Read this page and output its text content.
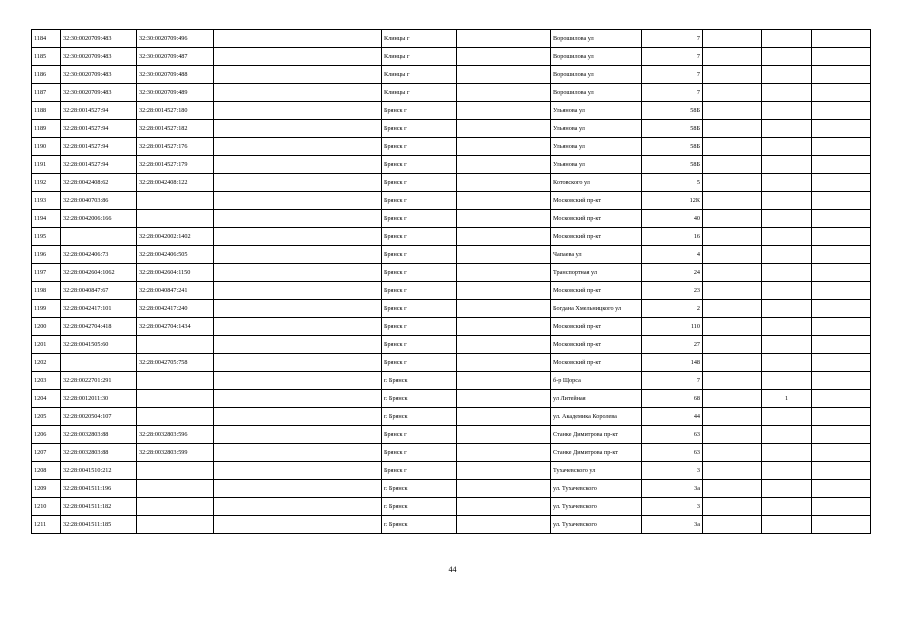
1184	32:30:0020709:483	32:30:0020709:496		Клинцы г		Ворошилова ул	7			
1185	32:30:0020709:483	32:30:0020709:487		Клинцы г		Ворошилова ул	7			
1186	32:30:0020709:483	32:30:0020709:488		Клинцы г		Ворошилова ул	7			
1187	32:30:0020709:483	32:30:0020709:489		Клинцы г		Ворошилова ул	7			
1188	32:28:0014527:94	32:28:0014527:180		Брянск г		Ульянова ул	58Б			
1189	32:28:0014527:94	32:28:0014527:182		Брянск г		Ульянова ул	58Б			
1190	32:28:0014527:94	32:28:0014527:176		Брянск г		Ульянова ул	58Б			
1191	32:28:0014527:94	32:28:0014527:179		Брянск г		Ульянова ул	58Б			
1192	32:28:0042408:62	32:28:0042408:122		Брянск г		Котовского ул	5			
1193	32:28:0040703:86			Брянск г		Московский пр-кт	12К			
1194	32:28:0042006:166			Брянск г		Московский пр-кт	40			
1195		32:28:0042002:1402		Брянск г		Московский пр-кт	16			
1196	32:28:0042406:73	32:28:0042406:505		Брянск г		Чапаева ул	4			
1197	32:28:0042604:1062	32:28:0042604:1150		Брянск г		Транспортная ул	24			
1198	32:28:0040847:67	32:28:0040847:241		Брянск г		Московский пр-кт	23			
1199	32:28:0042417:101	32:28:0042417:240		Брянск г		Богдана Хмельницкого ул	2			
1200	32:28:0042704:418	32:28:0042704:1434		Брянск г		Московский пр-кт	110			
1201	32:28:0041505:60			Брянск г		Московский пр-кт	27			
1202		32:28:0042705:758		Брянск г		Московский пр-кт	148			
1203	32:28:0022701:291			г. Брянск		б-р Щорса	7			
1204	32:28:0012011:30			г. Брянск		ул Литейная	68		1	
1205	32:28:0020504:107			г. Брянск		ул. Академика Королева	44			
1206	32:28:0032803:88	32:28:0032803:596		Брянск г		Станке Димитрова пр-кт	63			
1207	32:28:0032803:88	32:28:0032803:599		Брянск г		Станке Димитрова пр-кт	63			
1208	32:28:0041510:212			Брянск г		Тухачевского ул	3			
1209	32:28:0041511:196			г. Брянск		ул. Тухачевского	3а			
1210	32:28:0041511:182			г. Брянск		ул. Тухачевского	3			
1211	32:28:0041511:185			г. Брянск		ул. Тухачевского	3а			
44
